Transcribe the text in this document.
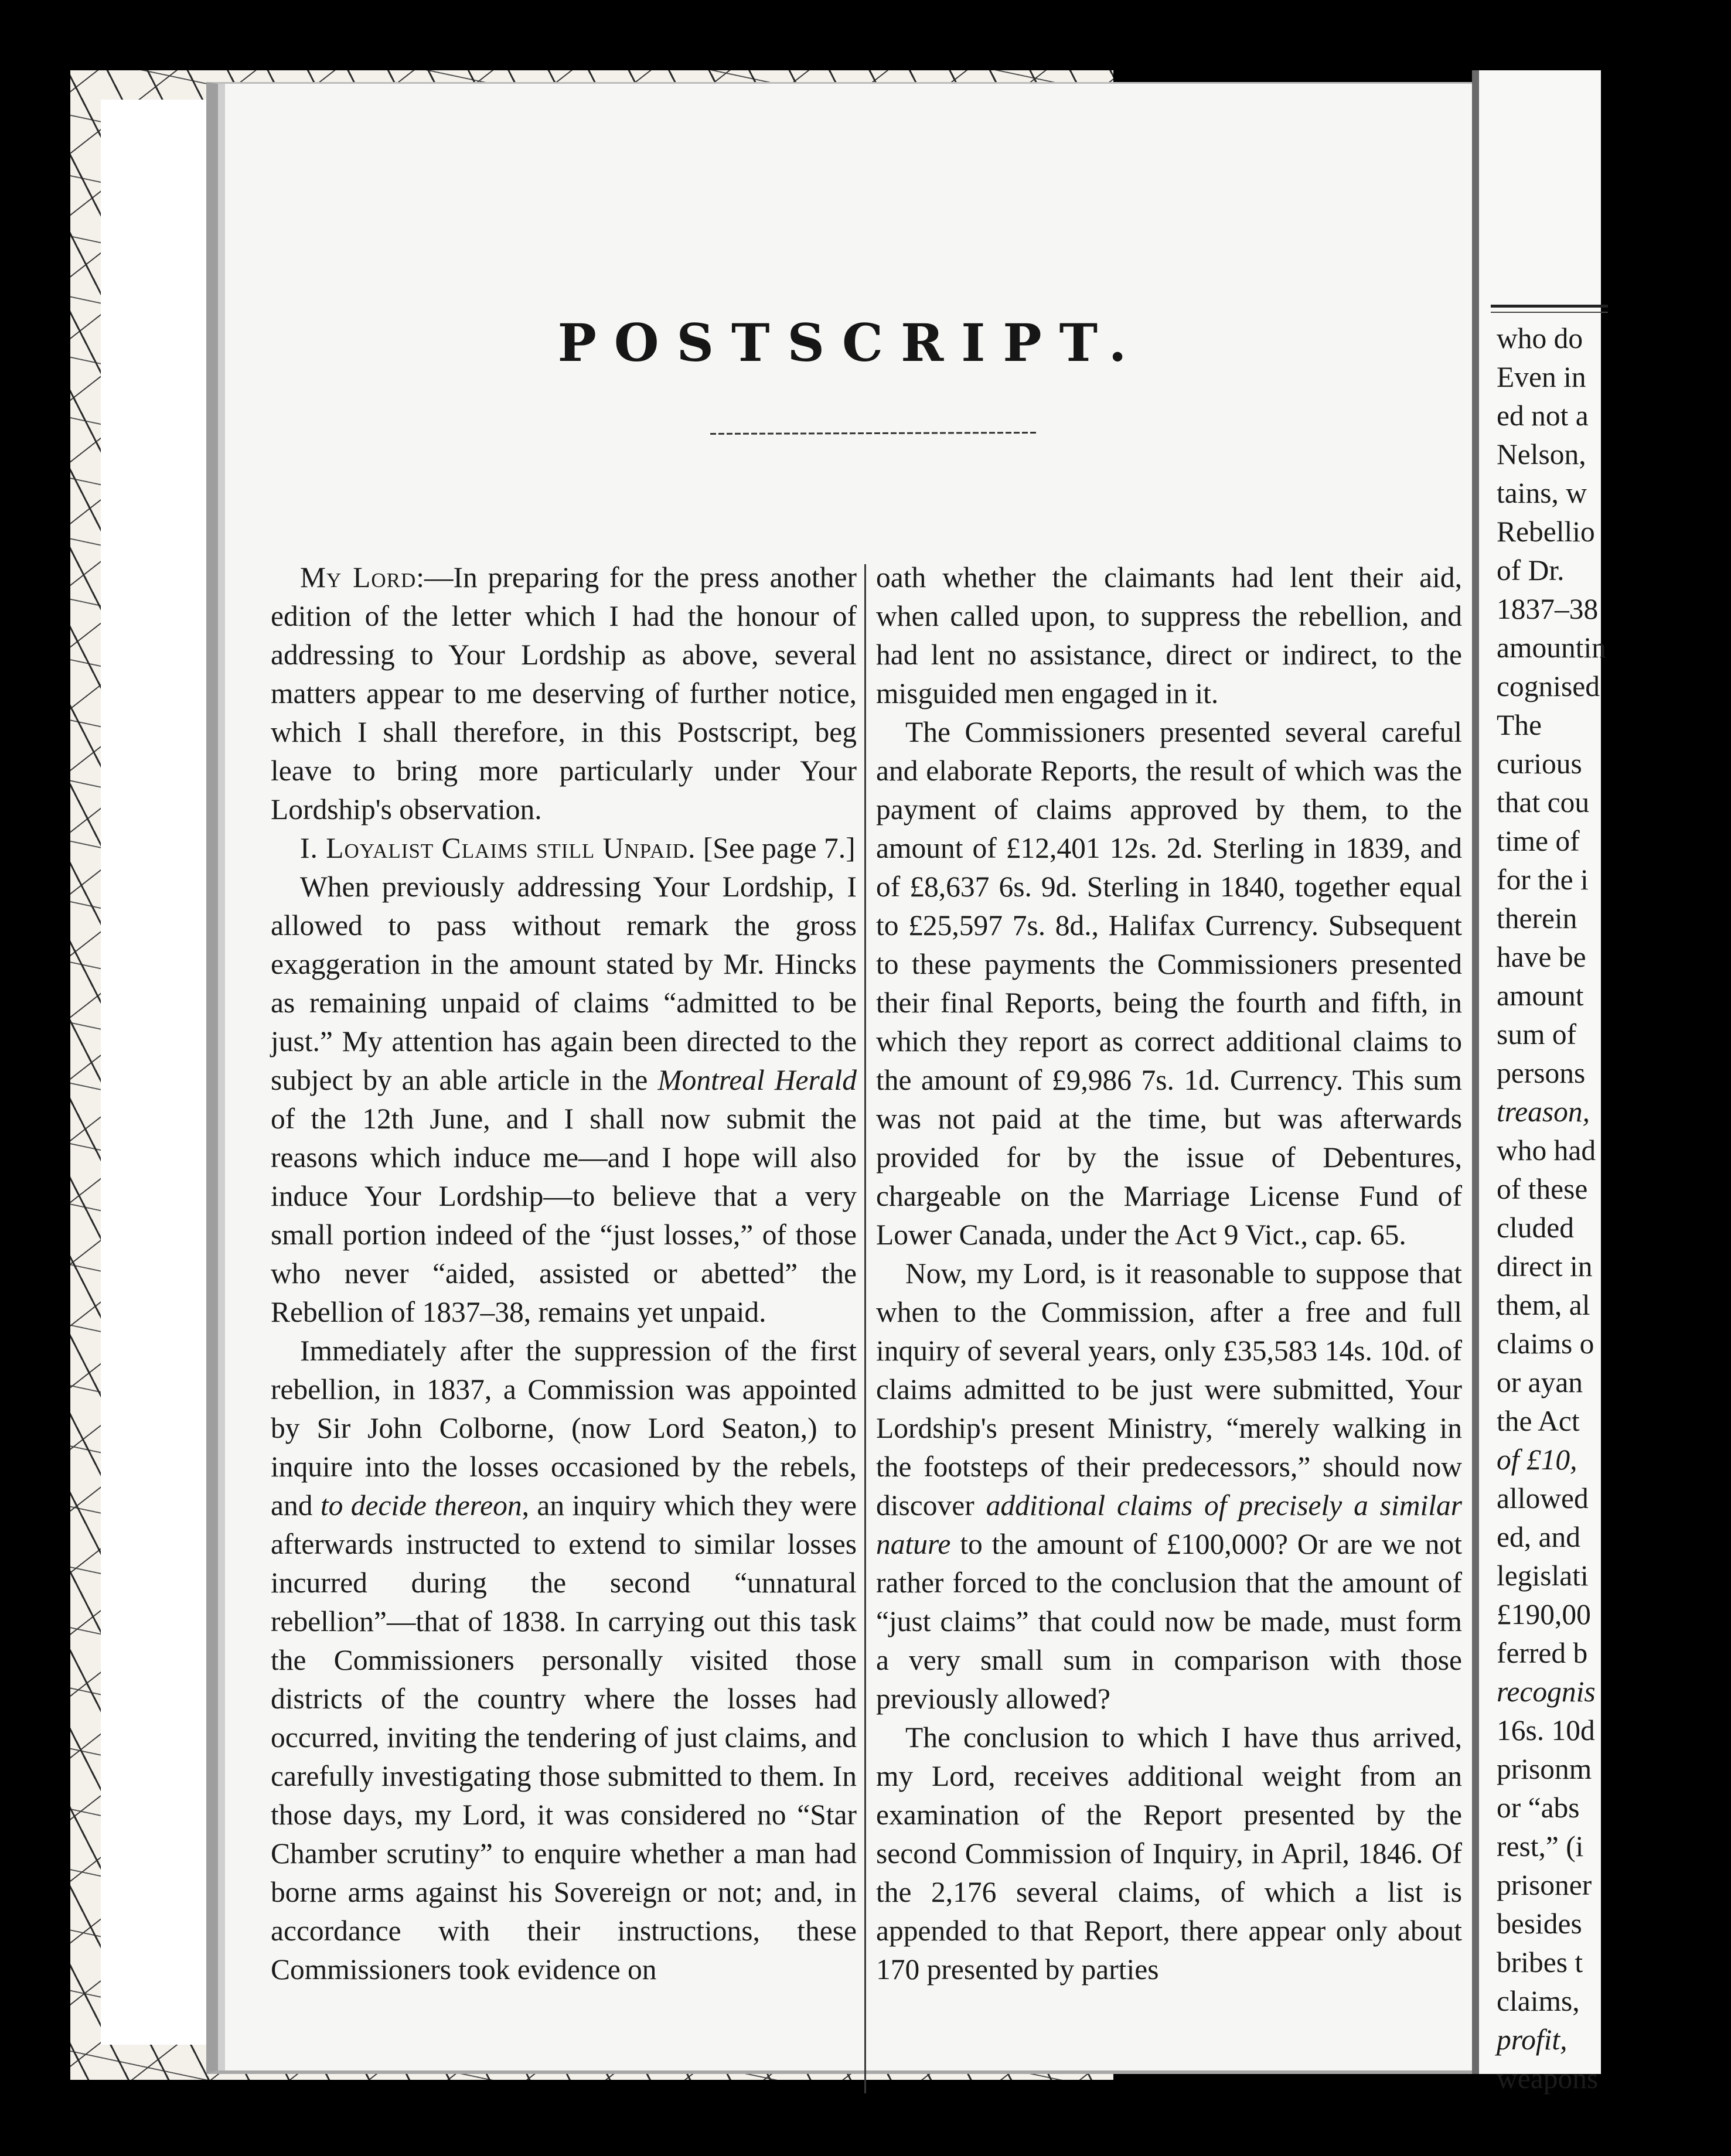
POSTSCRIPT.

My Lord:—In preparing for the press another edition of the letter which I had the honour of addressing to Your Lordship as above, several matters appear to me deserving of further notice, which I shall therefore, in this Postscript, beg leave to bring more particularly under Your Lordship's observation.

I. Loyalist Claims still Unpaid. [See page 7.]

When previously addressing Your Lordship, I allowed to pass without remark the gross exaggeration in the amount stated by Mr. Hincks as remaining unpaid of claims “admitted to be just.” My attention has again been directed to the subject by an able article in the Montreal Herald of the 12th June, and I shall now submit the reasons which induce me—and I hope will also induce Your Lordship—to believe that a very small portion indeed of the “just losses,” of those who never “aided, assisted or abetted” the Rebellion of 1837–38, remains yet unpaid.

Immediately after the suppression of the first rebellion, in 1837, a Commission was appointed by Sir John Colborne, (now Lord Seaton,) to inquire into the losses occasioned by the rebels, and to decide thereon, an inquiry which they were afterwards instructed to extend to similar losses incurred during the second “unnatural rebellion”—that of 1838. In carrying out this task the Commissioners personally visited those districts of the country where the losses had occurred, inviting the tendering of just claims, and carefully investigating those submitted to them. In those days, my Lord, it was considered no “Star Chamber scrutiny” to enquire whether a man had borne arms against his Sovereign or not; and, in accordance with their instructions, these Commissioners took evidence on

oath whether the claimants had lent their aid, when called upon, to suppress the rebellion, and had lent no assistance, direct or indirect, to the misguided men engaged in it.

The Commissioners presented several careful and elaborate Reports, the result of which was the payment of claims approved by them, to the amount of £12,401 12s. 2d. Sterling in 1839, and of £8,637 6s. 9d. Sterling in 1840, together equal to £25,597 7s. 8d., Halifax Currency. Subsequent to these payments the Commissioners presented their final Reports, being the fourth and fifth, in which they report as correct additional claims to the amount of £9,986 7s. 1d. Currency. This sum was not paid at the time, but was afterwards provided for by the issue of Debentures, chargeable on the Marriage License Fund of Lower Canada, under the Act 9 Vict., cap. 65.

Now, my Lord, is it reasonable to suppose that when to the Commission, after a free and full inquiry of several years, only £35,583 14s. 10d. of claims admitted to be just were submitted, Your Lordship's present Ministry, “merely walking in the footsteps of their predecessors,” should now discover additional claims of precisely a similar nature to the amount of £100,000? Or are we not rather forced to the conclusion that the amount of “just claims” that could now be made, must form a very small sum in comparison with those previously allowed?

The conclusion to which I have thus arrived, my Lord, receives additional weight from an examination of the Report presented by the second Commission of Inquiry, in April, 1846. Of the 2,176 several claims, of which a list is appended to that Report, there appear only about 170 presented by parties

who do
Even in
ed not a
Nelson,
tains, w
Rebellio
of Dr.
1837–38
amountin
cognised
The
curious
that cou
time of
for the i
therein
have be
amount
sum of
persons
treason,
who had
of these
cluded
direct in
them, al
claims o
or ayan
the Act
of £10,
allowed
ed, and
legislati
£190,00
ferred b
recognis
16s. 10d
prisonm
or “abs
rest,” (i
prisoner
besides
bribes t
claims,
profit,
weapons
